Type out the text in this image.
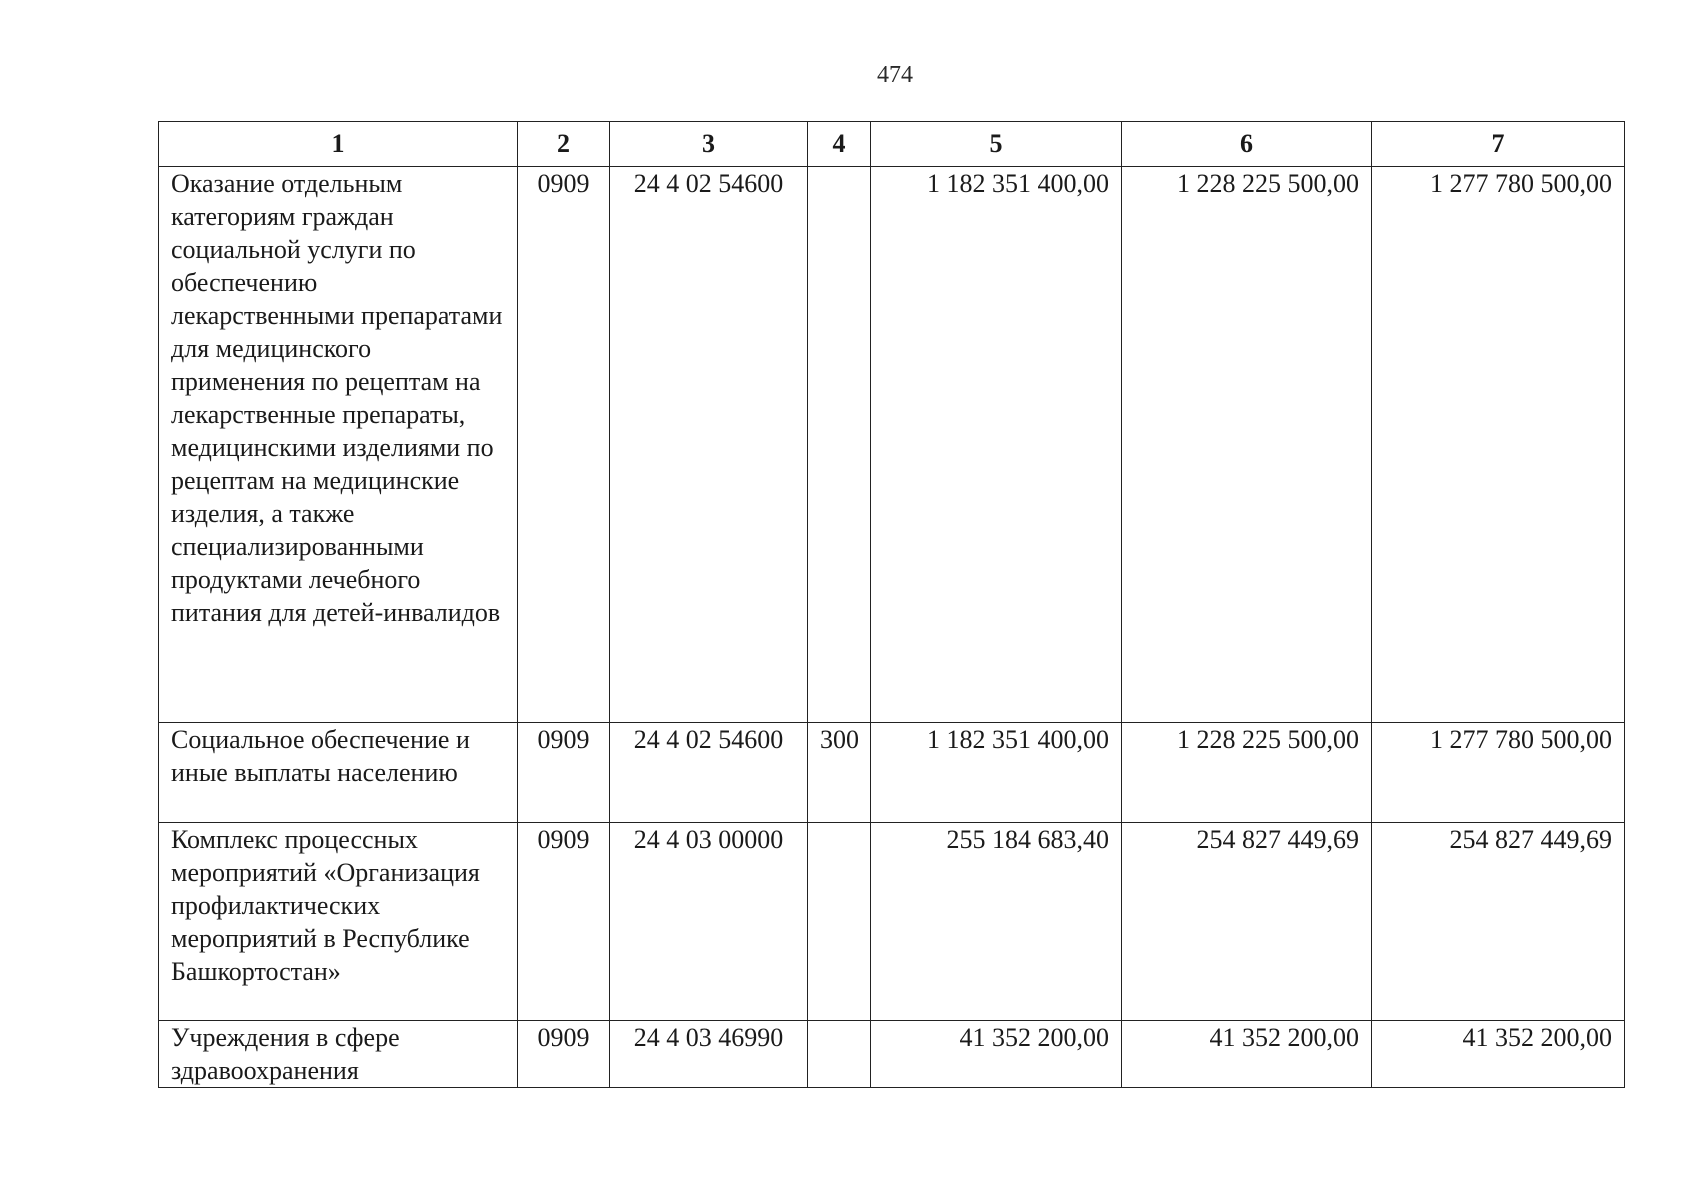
474
1	2	3	4	5	6	7
Оказание отдельным категориям граждан социальной услуги по обеспечению лекарственными препаратами для медицинского применения по рецептам на лекарственные препараты, медицинскими изделиями по рецептам на медицинские изделия, а также специализированными продуктами лечебного питания для детей-инвалидов	0909	24 4 02 54600		1 182 351 400,00	1 228 225 500,00	1 277 780 500,00
Социальное обеспечение и иные выплаты населению	0909	24 4 02 54600	300	1 182 351 400,00	1 228 225 500,00	1 277 780 500,00
Комплекс процессных мероприятий «Организация профилактических мероприятий в Республике Башкортостан»	0909	24 4 03 00000		255 184 683,40	254 827 449,69	254 827 449,69
Учреждения в сфере здравоохранения	0909	24 4 03 46990		41 352 200,00	41 352 200,00	41 352 200,00
